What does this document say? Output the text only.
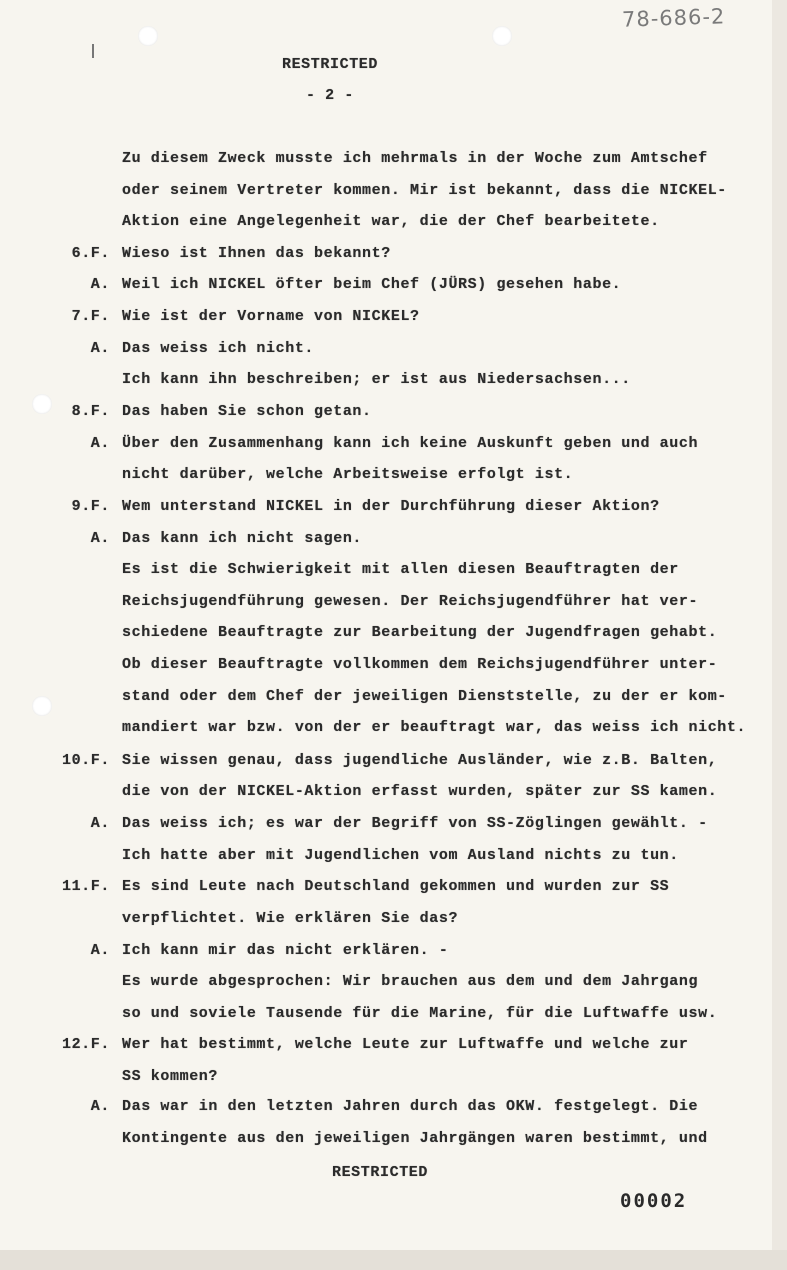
78-686-2
RESTRICTED
- 2 -
Zu diesem Zweck musste ich mehrmals in der Woche zum Amtschef
oder seinem Vertreter kommen. Mir ist bekannt, dass die NICKEL-
Aktion eine Angelegenheit war, die der Chef bearbeitete.
6.F. Wieso ist Ihnen das bekannt?
A. Weil ich NICKEL öfter beim Chef (JÜRS) gesehen habe.
7.F. Wie ist der Vorname von NICKEL?
A. Das weiss ich nicht.
Ich kann ihn beschreiben; er ist aus Niedersachsen...
8.F. Das haben Sie schon getan.
A. Über den Zusammenhang kann ich keine Auskunft geben und auch
nicht darüber, welche Arbeitsweise erfolgt ist.
9.F. Wem unterstand NICKEL in der Durchführung dieser Aktion?
A. Das kann ich nicht sagen.
Es ist die Schwierigkeit mit allen diesen Beauftragten der
Reichsjugendführung gewesen. Der Reichsjugendführer hat ver-
schiedene Beauftragte zur Bearbeitung der Jugendfragen gehabt.
Ob dieser Beauftragte vollkommen dem Reichsjugendführer unter-
stand oder dem Chef der jeweiligen Dienststelle, zu der er kom-
mandiert war bzw. von der er beauftragt war, das weiss ich nicht.
10.F. Sie wissen genau, dass jugendliche Ausländer, wie z.B. Balten,
die von der NICKEL-Aktion erfasst wurden, später zur SS kamen.
A. Das weiss ich; es war der Begriff von SS-Zöglingen gewählt. -
Ich hatte aber mit Jugendlichen vom Ausland nichts zu tun.
11.F. Es sind Leute nach Deutschland gekommen und wurden zur SS
verpflichtet. Wie erklären Sie das?
A. Ich kann mir das nicht erklären. -
Es wurde abgesprochen: Wir brauchen aus dem und dem Jahrgang
so und soviele Tausende für die Marine, für die Luftwaffe usw.
12.F. Wer hat bestimmt, welche Leute zur Luftwaffe und welche zur
SS kommen?
A. Das war in den letzten Jahren durch das OKW. festgelegt. Die
Kontingente aus den jeweiligen Jahrgängen waren bestimmt, und
RESTRICTED
00002
